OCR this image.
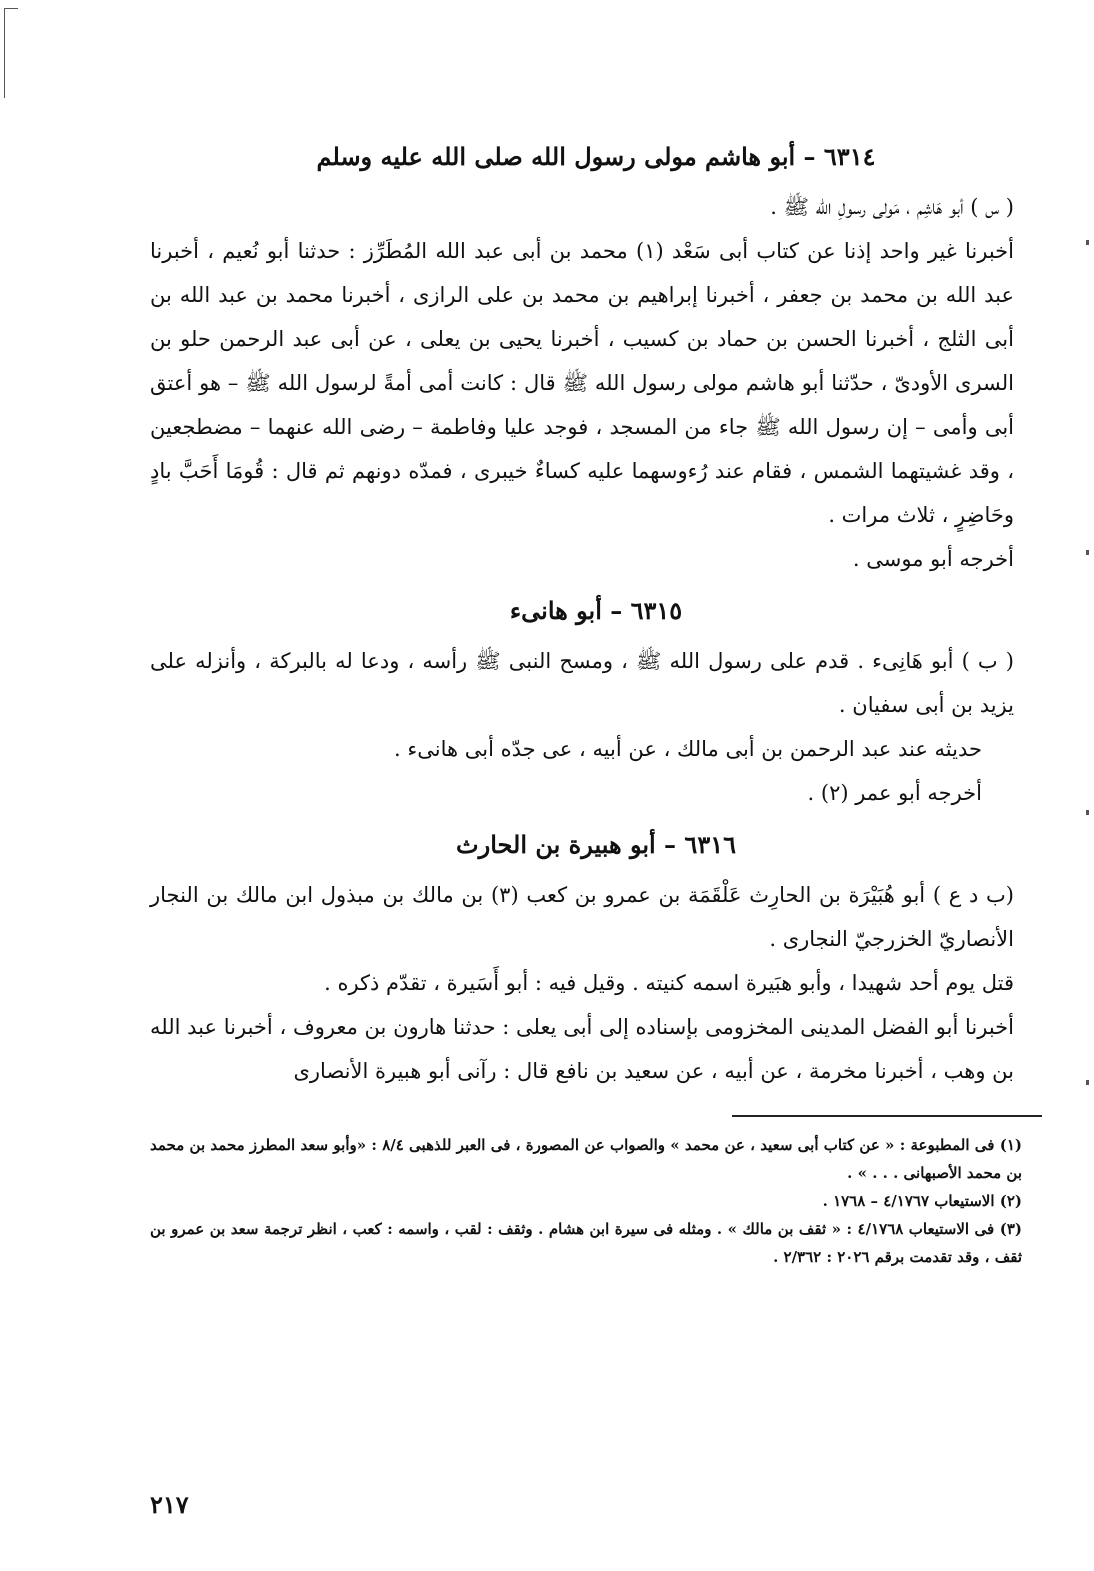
٦٣١٤ – أبو هاشم مولى رسول الله صلى الله عليه وسلم

( س ) أبو هَاشِم ، مَولى رسولِ الله ﷺ .

أخبرنا غير واحد إذنا عن كتاب أبى سَعْد (١) محمد بن أبى عبد الله المُطَرِّز : حدثنا أبو نُعيم ، أخبرنا عبد الله بن محمد بن جعفر ، أخبرنا إبراهيم بن محمد بن على الرازى ، أخبرنا محمد بن عبد الله بن أبى الثلج ، أخبرنا الحسن بن حماد بن كسيب ، أخبرنا يحيى بن يعلى ، عن أبى عبد الرحمن حلو بن السرى الأودىّ ، حدّثنا أبو هاشم مولى رسول الله ﷺ قال : كانت أمى أمةً لرسول الله ﷺ – هو أعتق أبى وأمى – إن رسول الله ﷺ جاء من المسجد ، فوجد عليا وفاطمة – رضى الله عنهما – مضطجعين ، وقد غشيتهما الشمس ، فقام عند رُءوسهما عليه كساءٌ خيبرى ، فمدّه دونهم ثم قال : قُومَا أَحَبَّ بادٍ وحَاضِرٍ ، ثلاث مرات .

أخرجه أبو موسى .

٦٣١٥ – أبو هانىء

( ب ) أبو هَانِىء . قدم على رسول الله ﷺ ، ومسح النبى ﷺ رأسه ، ودعا له بالبركة ، وأنزله على يزيد بن أبى سفيان .

حديثه عند عبد الرحمن بن أبى مالك ، عن أبيه ، عى جدّه أبى هانىء .

أخرجه أبو عمر (٢) .

٦٣١٦ – أبو هبيرة بن الحارث

(ب د ع ) أبو هُبَيْرَة بن الحارِث عَلْقَمَة بن عمرو بن كعب (٣) بن مالك بن مبذول ابن مالك بن النجار الأنصاريّ الخزرجيّ النجارى .

قتل يوم أحد شهيدا ، وأبو هبَيرة اسمه كنيته . وقيل فيه : أبو أَسَيرة ، تقدّم ذكره .

أخبرنا أبو الفضل المدينى المخزومى بإسناده إلى أبى يعلى : حدثنا هارون بن معروف ، أخبرنا عبد الله بن وهب ، أخبرنا مخرمة ، عن أبيه ، عن سعيد بن نافع قال : رآنى أبو هبيرة الأنصارى

(١) فى المطبوعة : « عن كتاب أبى سعيد ، عن محمد » والصواب عن المصورة ، فى العبر للذهبى ٨/٤ : «وأبو سعد المطرز محمد بن محمد بن محمد الأصبهانى . . . » .

(٢) الاستيعاب ٤/١٧٦٧ – ١٧٦٨ .

(٣) فى الاستيعاب ٤/١٧٦٨ : « ثقف بن مالك » . ومثله فى سيرة ابن هشام . وثقف : لقب ، واسمه : كعب ، انظر ترجمة سعد بن عمرو بن ثقف ، وقد تقدمت برقم ٢٠٢٦ : ٢/٣٦٢ .

٢١٧
